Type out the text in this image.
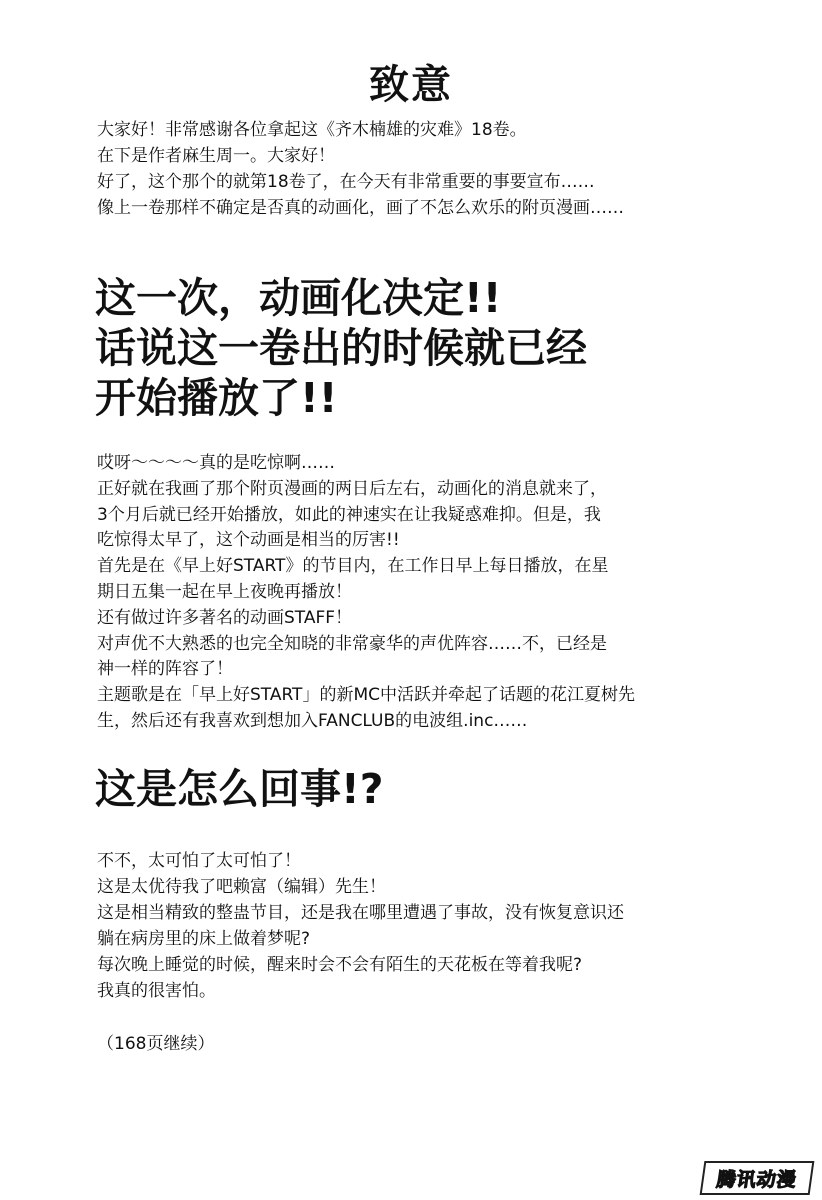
致意
大家好！非常感谢各位拿起这《齐木楠雄的灾难》18卷。
在下是作者麻生周一。大家好！
好了，这个那个的就第18卷了，在今天有非常重要的事要宣布……
像上一卷那样不确定是否真的动画化，画了不怎么欢乐的附页漫画……
这一次，动画化决定!!
话说这一卷出的时候就已经
开始播放了!!
哎呀～～～～真的是吃惊啊……
正好就在我画了那个附页漫画的两日后左右，动画化的消息就来了，
3个月后就已经开始播放，如此的神速实在让我疑惑难抑。但是，我
吃惊得太早了，这个动画是相当的厉害!!
首先是在《早上好START》的节目内，在工作日早上每日播放，在星
期日五集一起在早上夜晚再播放！
还有做过许多著名的动画STAFF！
对声优不大熟悉的也完全知晓的非常豪华的声优阵容……不，已经是
神一样的阵容了！
主题歌是在「早上好START」的新MC中活跃并牵起了话题的花江夏树先
生，然后还有我喜欢到想加入FANCLUB的电波组.inc……
这是怎么回事!?
不不，太可怕了太可怕了！
这是太优待我了吧赖富（编辑）先生！
这是相当精致的整蛊节目，还是我在哪里遭遇了事故，没有恢复意识还
躺在病房里的床上做着梦呢?
每次晚上睡觉的时候，醒来时会不会有陌生的天花板在等着我呢?
我真的很害怕。
（168页继续）
腾讯动漫
